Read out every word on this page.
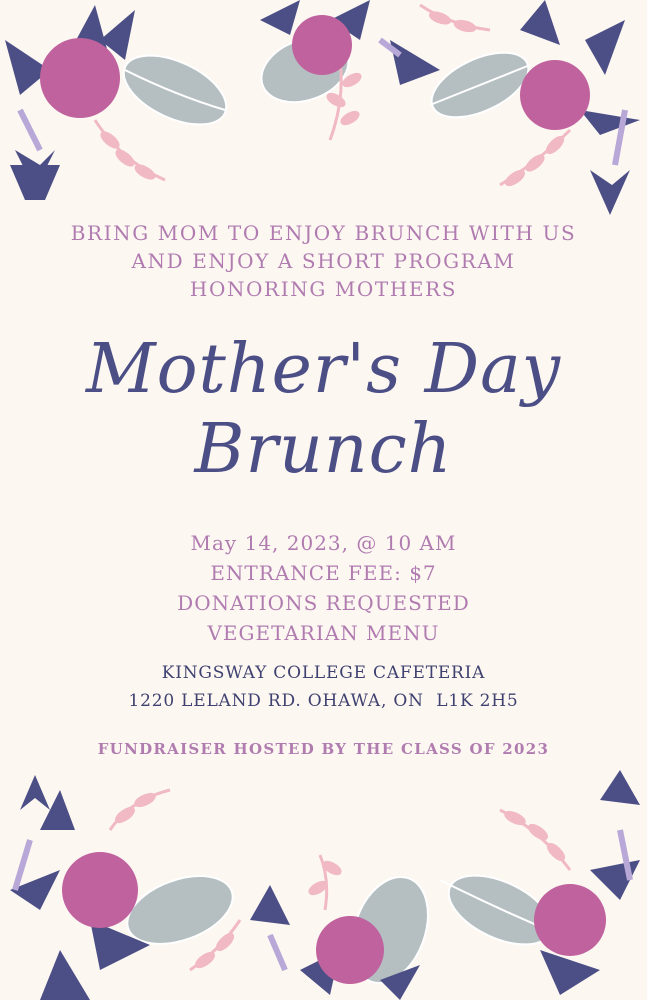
BRING MOM TO ENJOY BRUNCH WITH US
AND ENJOY A SHORT PROGRAM
HONORING MOTHERS
Mother's Day
Brunch
May 14, 2023, @ 10 AM
ENTRANCE FEE: $7
DONATIONS REQUESTED
VEGETARIAN MENU
KINGSWAY COLLEGE CAFETERIA
1220 LELAND RD. OHAWA, ON  L1K 2H5
FUNDRAISER HOSTED BY THE CLASS OF 2023
